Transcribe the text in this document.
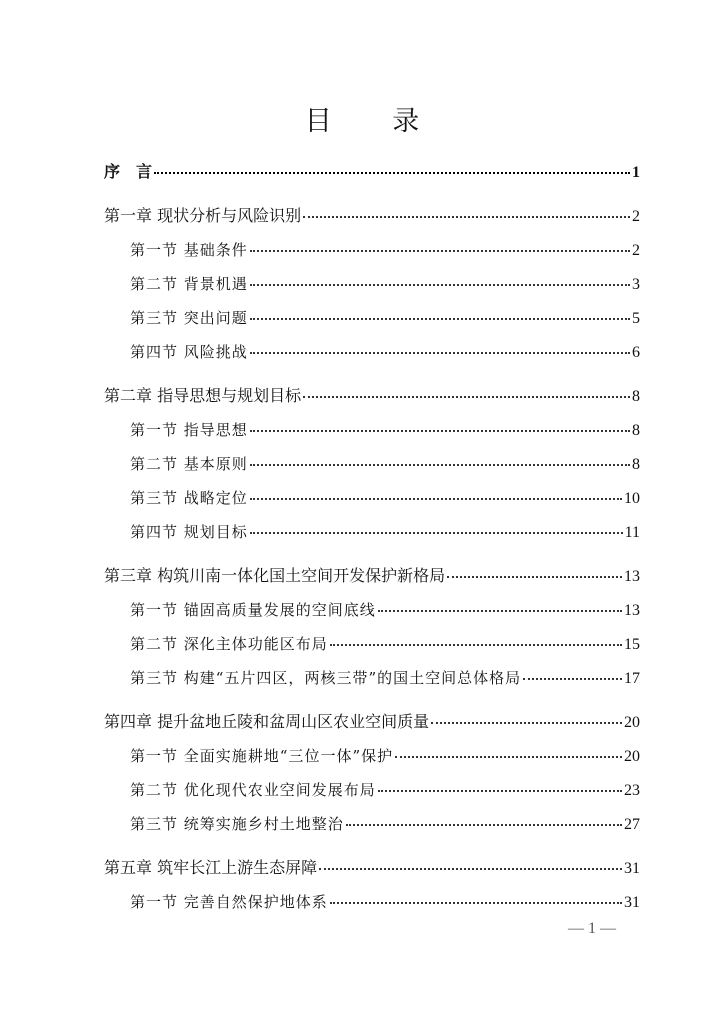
目 录
序　言	1
第一章 现状分析与风险识别	2
第一节 基础条件	2
第二节 背景机遇	3
第三节 突出问题	5
第四节 风险挑战	6
第二章 指导思想与规划目标	8
第一节 指导思想	8
第二节 基本原则	8
第三节 战略定位	10
第四节 规划目标	11
第三章 构筑川南一体化国土空间开发保护新格局	13
第一节 锚固高质量发展的空间底线	13
第二节 深化主体功能区布局	15
第三节 构建“五片四区，两核三带”的国土空间总体格局	17
第四章 提升盆地丘陵和盆周山区农业空间质量	20
第一节 全面实施耕地“三位一体”保护	20
第二节 优化现代农业空间发展布局	23
第三节 统筹实施乡村土地整治	27
第五章 筑牢长江上游生态屏障	31
第一节 完善自然保护地体系	31
— 1 —
